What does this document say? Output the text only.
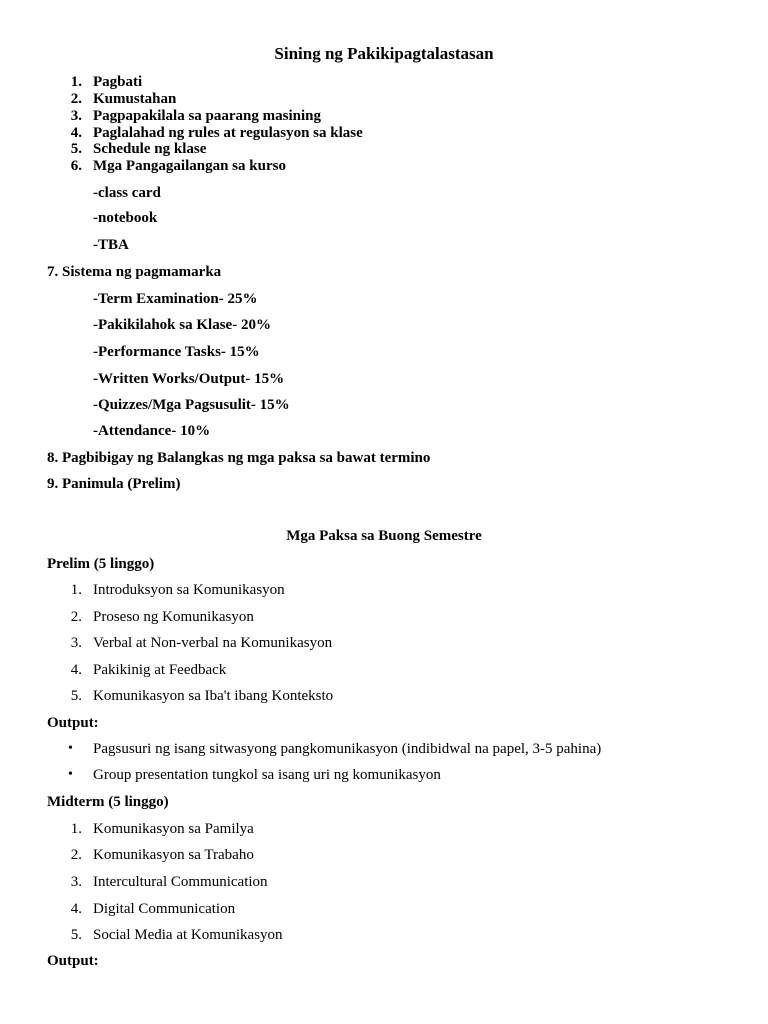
Sining ng Pakikipagtalastasan
1. Pagbati
2. Kumustahan
3. Pagpapakilala sa paarang masining
4. Paglalahad ng rules at regulasyon sa klase
5. Schedule ng klase
6. Mga Pangagailangan sa kurso
-class card
-notebook
-TBA
7. Sistema ng pagmamarka
-Term Examination- 25%
-Pakikilahok sa Klase- 20%
-Performance Tasks- 15%
-Written Works/Output- 15%
-Quizzes/Mga Pagsusulit- 15%
-Attendance- 10%
8. Pagbibigay ng Balangkas ng mga paksa sa bawat termino
9. Panimula (Prelim)
Mga Paksa sa Buong Semestre
Prelim (5 linggo)
1. Introduksyon sa Komunikasyon
2. Proseso ng Komunikasyon
3. Verbal at Non-verbal na Komunikasyon
4. Pakikinig at Feedback
5. Komunikasyon sa Iba't ibang Konteksto
Output:
• Pagsusuri ng isang sitwasyong pangkomunikasyon (indibidwal na papel, 3-5 pahina)
• Group presentation tungkol sa isang uri ng komunikasyon
Midterm (5 linggo)
1. Komunikasyon sa Pamilya
2. Komunikasyon sa Trabaho
3. Intercultural Communication
4. Digital Communication
5. Social Media at Komunikasyon
Output:
